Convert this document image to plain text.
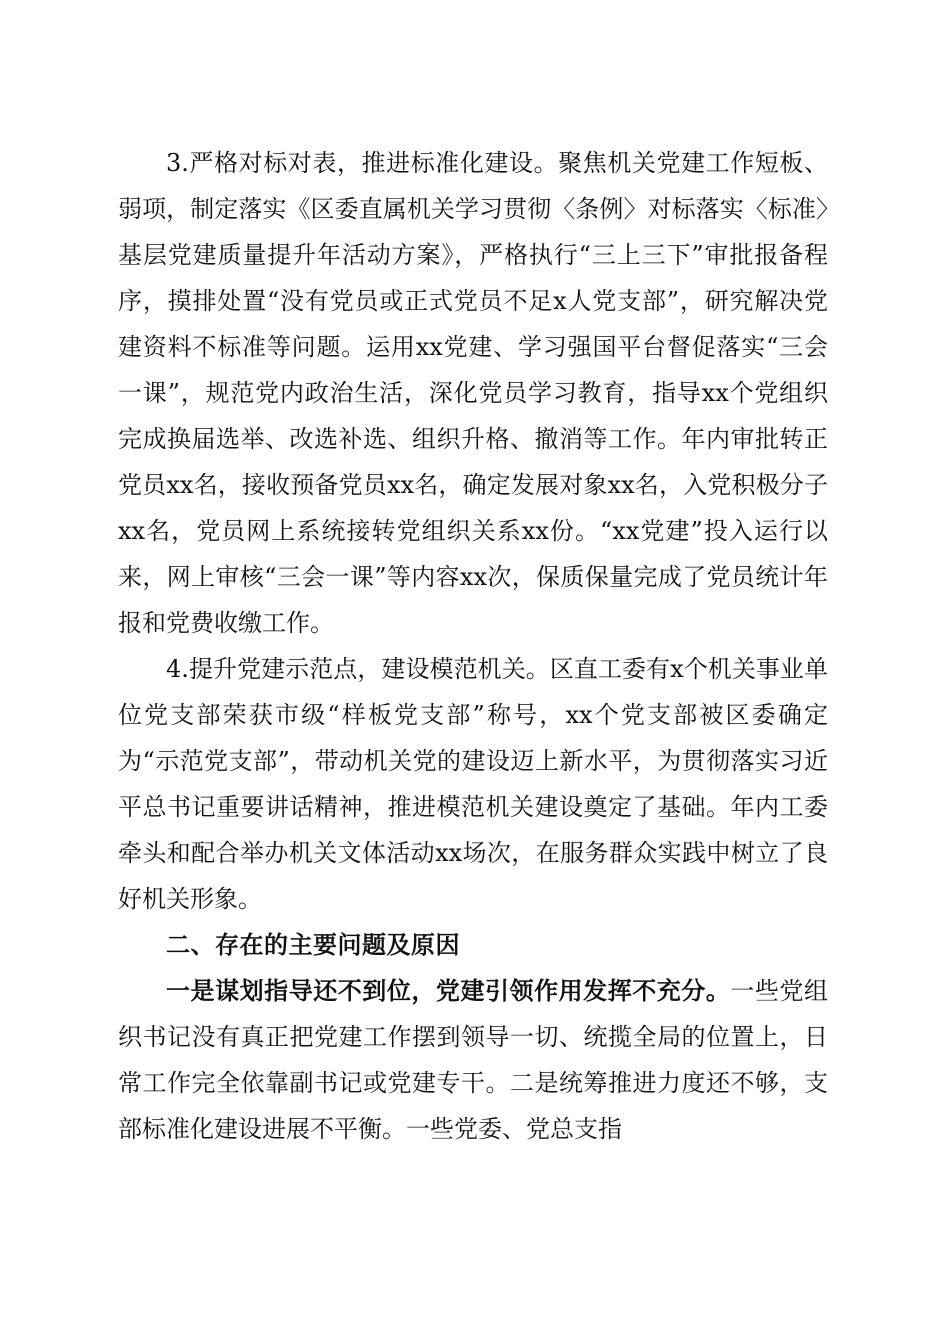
3.严格对标对表，推进标准化建设。聚焦机关党建工作短板、弱项，制定落实《区委直属机关学习贯彻〈条例〉对标落实〈标准〉基层党建质量提升年活动方案》，严格执行“三上三下”审批报备程序，摸排处置“没有党员或正式党员不足x人党支部”，研究解决党建资料不标准等问题。运用xx党建、学习强国平台督促落实“三会一课”，规范党内政治生活，深化党员学习教育，指导xx个党组织完成换届选举、改选补选、组织升格、撤消等工作。年内审批转正党员xx名，接收预备党员xx名，确定发展对象xx名，入党积极分子xx名，党员网上系统接转党组织关系xx份。“xx党建”投入运行以来，网上审核“三会一课”等内容xx次，保质保量完成了党员统计年报和党费收缴工作。

4.提升党建示范点，建设模范机关。区直工委有x个机关事业单位党支部荣获市级“样板党支部”称号，xx个党支部被区委确定为“示范党支部”，带动机关党的建设迈上新水平，为贯彻落实习近平总书记重要讲话精神，推进模范机关建设奠定了基础。年内工委牵头和配合举办机关文体活动xx场次，在服务群众实践中树立了良好机关形象。

二、存在的主要问题及原因

一是谋划指导还不到位，党建引领作用发挥不充分。一些党组织书记没有真正把党建工作摆到领导一切、统揽全局的位置上，日常工作完全依靠副书记或党建专干。二是统筹推进力度还不够，支部标准化建设进展不平衡。一些党委、党总支指
